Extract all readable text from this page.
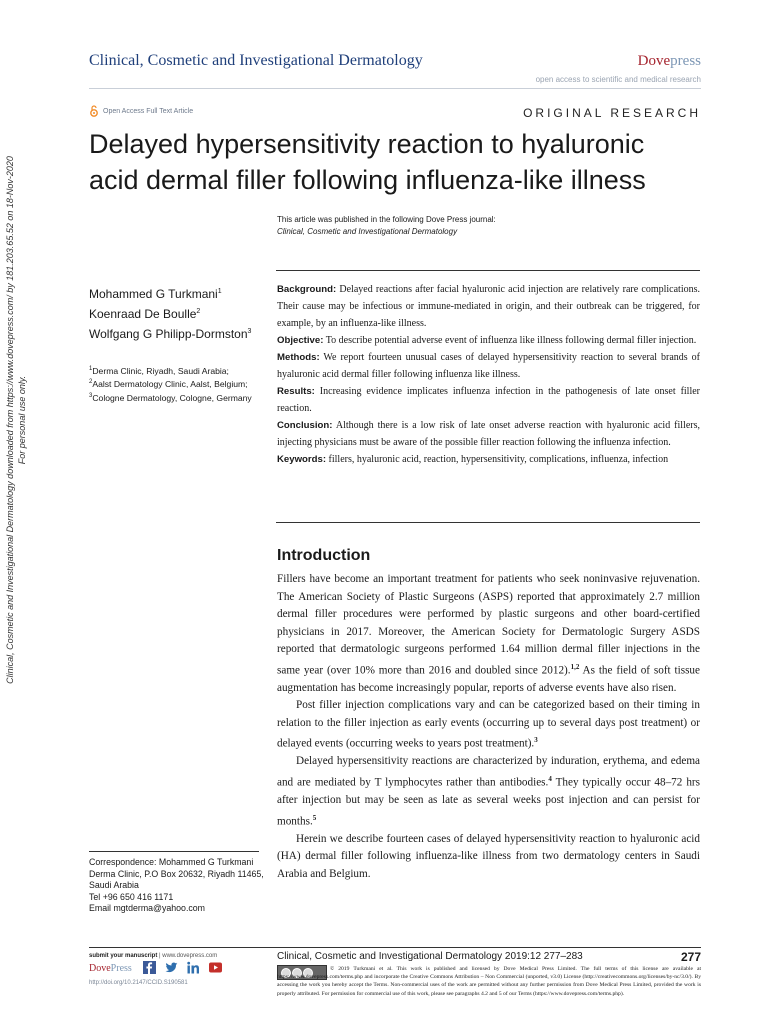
Clinical, Cosmetic and Investigational Dermatology	Dovepress
open access to scientific and medical research
Open Access Full Text Article	ORIGINAL RESEARCH
Delayed hypersensitivity reaction to hyaluronic acid dermal filler following influenza-like illness
This article was published in the following Dove Press journal:
Clinical, Cosmetic and Investigational Dermatology
Mohammed G Turkmani$^1$
Koenraad De Boulle$^2$
Wolfgang G Philipp-Dormston$^3$
$^1$Derma Clinic, Riyadh, Saudi Arabia;
$^2$Aalst Dermatology Clinic, Aalst, Belgium; $^3$Cologne Dermatology, Cologne, Germany

Background: Delayed reactions after facial hyaluronic acid injection are relatively rare complications. Their cause may be infectious or immune-mediated in origin, and their outbreak can be triggered, for example, by an influenza-like illness.

Objective: To describe potential adverse event of influenza like illness following dermal filler injection.

Methods: We report fourteen unusual cases of delayed hypersensitivity reaction to several brands of hyaluronic acid dermal filler following influenza like illness.

Results: Increasing evidence implicates influenza infection in the pathogenesis of late onset filler reaction.

Conclusion: Although there is a low risk of late onset adverse reaction with hyaluronic acid fillers, injecting physicians must be aware of the possible filler reaction following the influenza infection.

Keywords: fillers, hyaluronic acid, reaction, hypersensitivity, complications, influenza, infection

Introduction

Fillers have become an important treatment for patients who seek noninvasive rejuvenation. The American Society of Plastic Surgeons (ASPS) reported that approximately 2.7 million dermal filler procedures were performed by plastic surgeons and other board-certified physicians in 2017. Moreover, the American Society for Dermatologic Surgery ASDS reported that dermatologic surgeons performed 1.64 million dermal filler injections in the same year (over 10% more than 2016 and doubled since 2012).$^{1,2}$ As the field of soft tissue augmentation has become increasingly popular, reports of adverse events have also risen.

Post filler injection complications vary and can be categorized based on their timing in relation to the filler injection as early events (occurring up to several days post treatment) or delayed events (occurring weeks to years post treatment).$^3$

Delayed hypersensitivity reactions are characterized by induration, erythema, and edema and are mediated by T lymphocytes rather than antibodies.$^4$ They typically occur 48–72 hrs after injection but may be seen as late as several weeks post injection and can persist for months.$^5$

Herein we describe fourteen cases of delayed hypersensitivity reaction to hyaluronic acid (HA) dermal filler following influenza-like illness from two dermatology centers in Saudi Arabia and Belgium.

Correspondence: Mohammed G Turkmani
Derma Clinic, P.O Box 20632, Riyadh 11465, Saudi Arabia
Tel +96 650 416 1171
Email mgtderma@yahoo.com
submit your manuscript | www.dovepress.com
DovePress
http://doi.org/10.2147/CCID.S190581
Clinical, Cosmetic and Investigational Dermatology 2019:12 277–283	277
© 2019 Turkmani et al. This work is published and licensed by Dove Medical Press Limited. The full terms of this license are available at https://www.dovepress.com/terms.php and incorporate the Creative Commons Attribution – Non Commercial (unported, v3.0) License (http://creativecommons.org/licenses/by-nc/3.0/). By accessing the work you hereby accept the Terms. Non-commercial uses of the work are permitted without any further permission from Dove Medical Press Limited, provided the work is properly attributed. For permission for commercial use of this work, please see paragraphs 4.2 and 5 of our Terms (https://www.dovepress.com/terms.php).
Clinical, Cosmetic and Investigational Dermatology downloaded from https://www.dovepress.com/ by 181.203.65.52 on 18-Nov-2020 For personal use only.
